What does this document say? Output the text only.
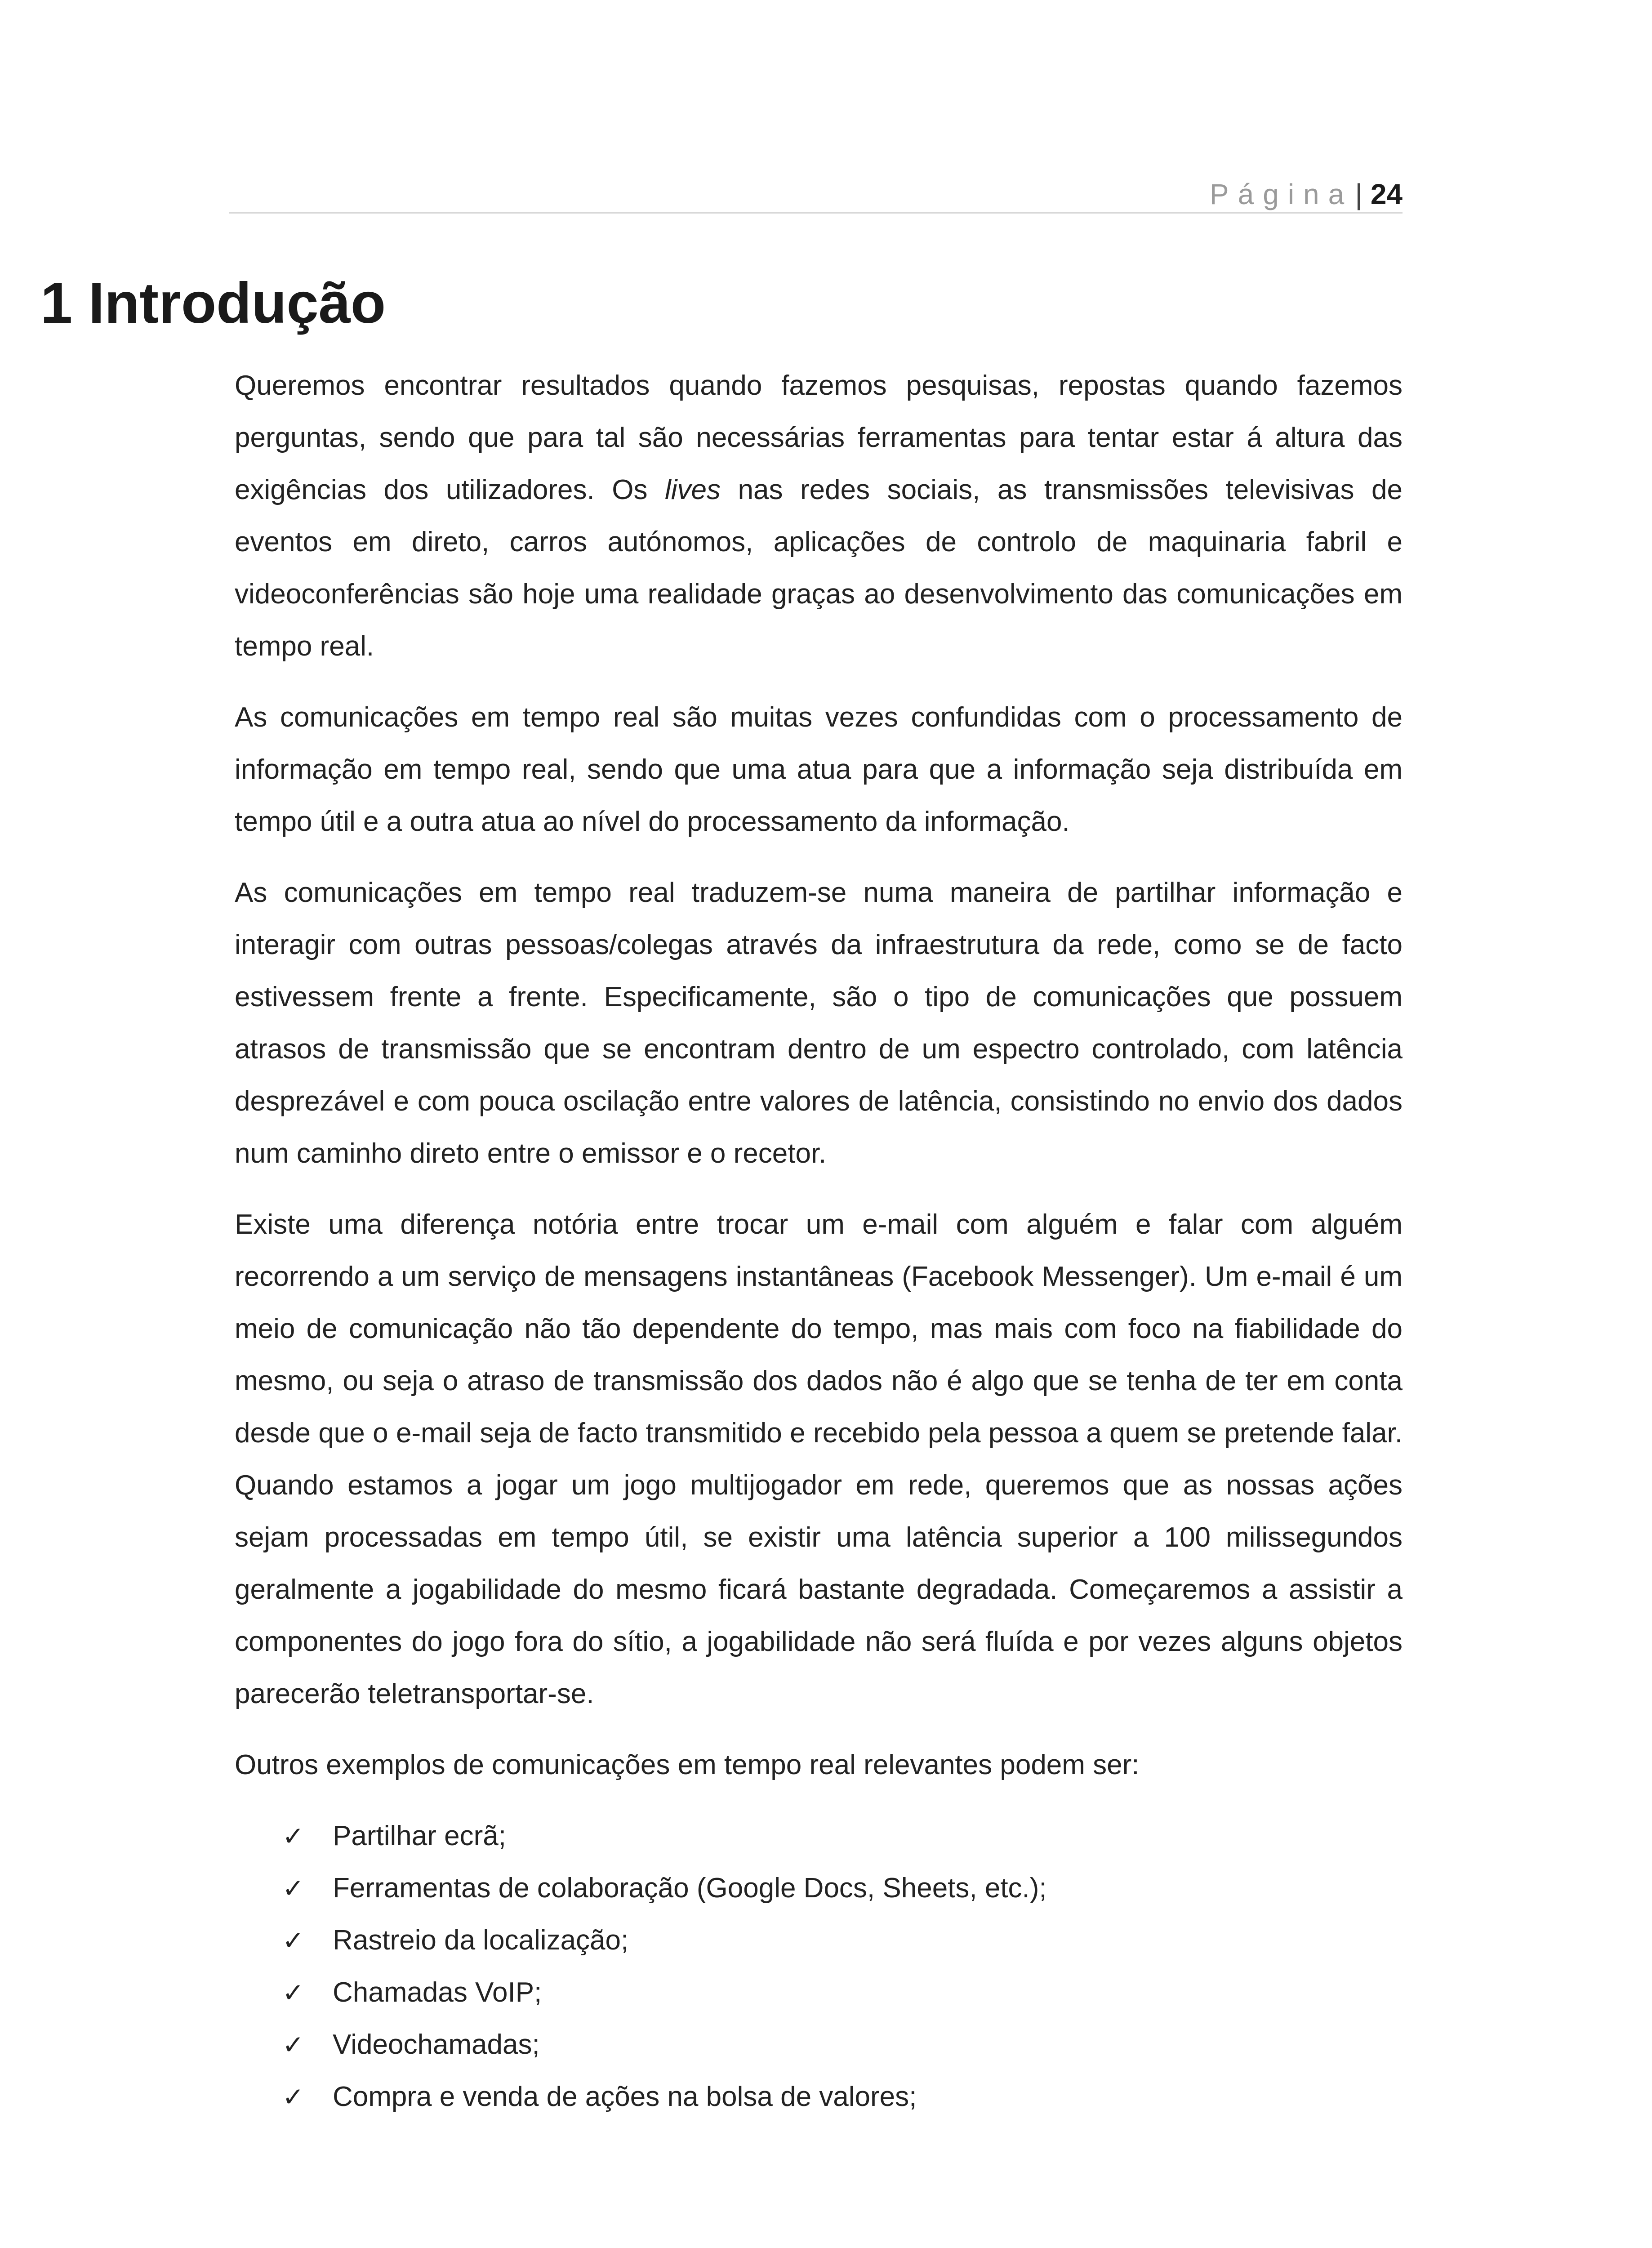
Página| 24
1 Introdução

Queremos encontrar resultados quando fazemos pesquisas, repostas quando fazemos perguntas, sendo que para tal são necessárias ferramentas para tentar estar á altura das exigências dos utilizadores. Os lives nas redes sociais, as transmissões televisivas de eventos em direto, carros autónomos, aplicações de controlo de maquinaria fabril e videoconferências são hoje uma realidade graças ao desenvolvimento das comunicações em tempo real.

As comunicações em tempo real são muitas vezes confundidas com o processamento de informação em tempo real, sendo que uma atua para que a informação seja distribuída em tempo útil e a outra atua ao nível do processamento da informação.

As comunicações em tempo real traduzem-se numa maneira de partilhar informação e interagir com outras pessoas/colegas através da infraestrutura da rede, como se de facto estivessem frente a frente. Especificamente, são o tipo de comunicações que possuem atrasos de transmissão que se encontram dentro de um espectro controlado, com latência desprezável e com pouca oscilação entre valores de latência, consistindo no envio dos dados num caminho direto entre o emissor e o recetor.

Existe uma diferença notória entre trocar um e-mail com alguém e falar com alguém recorrendo a um serviço de mensagens instantâneas (Facebook Messenger). Um e-mail é um meio de comunicação não tão dependente do tempo, mas mais com foco na fiabilidade do mesmo, ou seja o atraso de transmissão dos dados não é algo que se tenha de ter em conta desde que o e-mail seja de facto transmitido e recebido pela pessoa a quem se pretende falar. Quando estamos a jogar um jogo multijogador em rede, queremos que as nossas ações sejam processadas em tempo útil, se existir uma latência superior a 100 milissegundos geralmente a jogabilidade do mesmo ficará bastante degradada. Começaremos a assistir a componentes do jogo fora do sítio, a jogabilidade não será fluída e por vezes alguns objetos parecerão teletransportar-se.

Outros exemplos de comunicações em tempo real relevantes podem ser:

✓ Partilhar ecrã;
✓ Ferramentas de colaboração (Google Docs, Sheets, etc.);
✓ Rastreio da localização;
✓ Chamadas VoIP;
✓ Videochamadas;
✓ Compra e venda de ações na bolsa de valores;
